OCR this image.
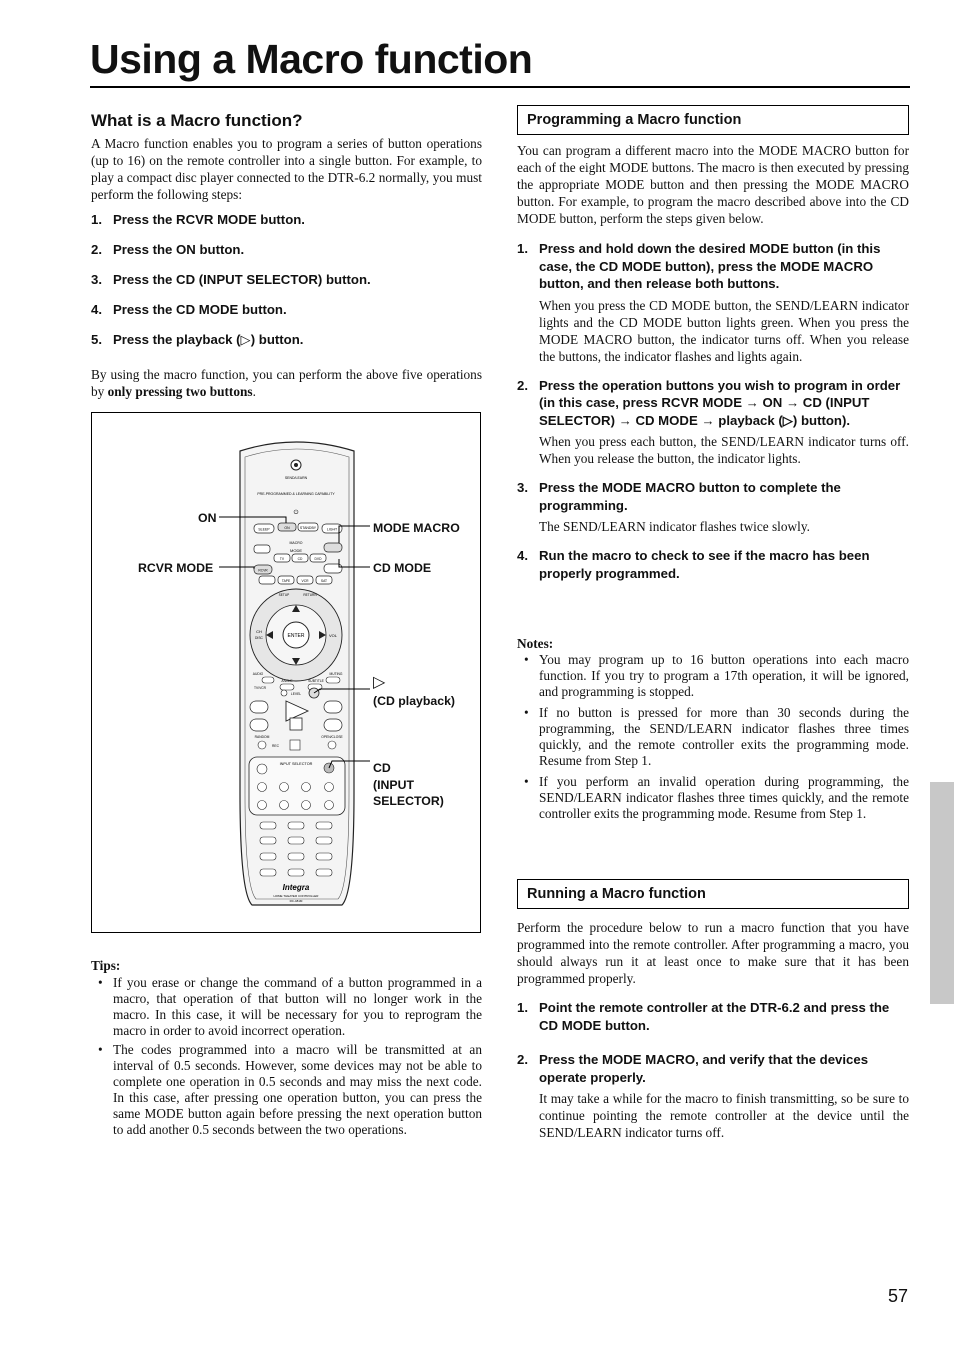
Using a Macro function
What is a Macro function?

A Macro function enables you to program a series of button operations (up to 16) on the remote controller into a single button. For example, to play a compact disc player connected to the DTR-6.2 normally, you must perform the following steps:

1. Press the RCVR MODE button.
2. Press the ON button.
3. Press the CD (INPUT SELECTOR) button.
4. Press the CD MODE button.
5. Press the playback (▷) button.

By using the macro function, you can perform the above five operations by only pressing two buttons.

SEND/LEARN
PRE-PROGRAMMED & LEARNING CAPABILITY
⏻
SLEEP	ON	STANDBY	LIGHT
MACRO
MODE
TV	CD	DVD
RCVR
TAPE	VCR	SAT
ENTER
SETUP	RETURN
CH
DISC	VOL
MUTING
AUDIO
ANGLE	SUBTITLE
TV/VCR
LEVEL
RANDOM	OPEN/CLOSE
REC
INPUT SELECTOR
Integra
HOME THEATER CONTROLLER
RC-481M
ON
RCVR MODE
MODE MACRO
CD MODE
▷
(CD playback)
CD
(INPUT
SELECTOR)
Tips:
• If you erase or change the command of a button programmed in a macro, that operation of that button will no longer work in the macro. In this case, it will be necessary for you to reprogram the macro in order to avoid incorrect operation.
• The codes programmed into a macro will be transmitted at an interval of 0.5 seconds. However, some devices may not be able to complete one operation in 0.5 seconds and may miss the next code. In this case, after pressing one operation button, you can press the same MODE button again before pressing the next operation button to add another 0.5 seconds between the two operations.
Programming a Macro function

You can program a different macro into the MODE MACRO button for each of the eight MODE buttons. The macro is then executed by pressing the appropriate MODE button and then pressing the MODE MACRO button. For example, to program the macro described above into the CD MODE button, perform the steps given below.

1. Press and hold down the desired MODE button (in this case, the CD MODE button), press the MODE MACRO button, and then release both buttons.
When you press the CD MODE button, the SEND/LEARN indicator lights and the CD MODE button lights green. When you press the MODE MACRO button, the indicator turns off. When you release the buttons, the indicator flashes and lights again.
2. Press the operation buttons you wish to program in order (in this case, press RCVR MODE → ON → CD (INPUT SELECTOR) → CD MODE → playback (▷) button).
When you press each button, the SEND/LEARN indicator turns off. When you release the button, the indicator lights.
3. Press the MODE MACRO button to complete the programming.
The SEND/LEARN indicator flashes twice slowly.
4. Run the macro to check to see if the macro has been properly programmed.
Notes:
• You may program up to 16 button operations into each macro function. If you try to program a 17th operation, it will be ignored, and programming is stopped.
• If no button is pressed for more than 30 seconds during the programming, the SEND/LEARN indicator flashes three times quickly, and the remote controller exits the programming mode. Resume from Step 1.
• If you perform an invalid operation during programming, the SEND/LEARN indicator flashes three times quickly, and the remote controller exits the programming mode. Resume from Step 1.
Running a Macro function

Perform the procedure below to run a macro function that you have programmed into the remote controller. After programming a macro, you should always run it at least once to make sure that it has been programmed properly.

1. Point the remote controller at the DTR-6.2 and press the CD MODE button.
2. Press the MODE MACRO, and verify that the devices operate properly.
It may take a while for the macro to finish transmitting, so be sure to continue pointing the remote controller at the device until the SEND/LEARN indicator turns off.
57
